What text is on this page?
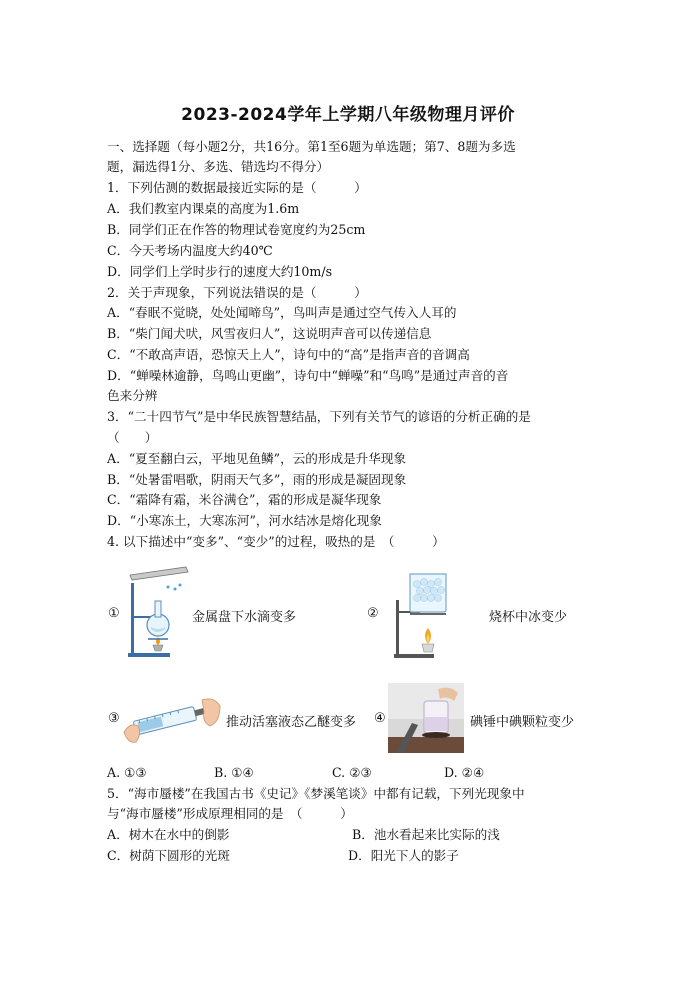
2023-2024学年上学期八年级物理月评价
一、选择题（每小题2分，共16分。第1至6题为单选题；第7、8题为多选
题，漏选得1分、多选、错选均不得分）
1．下列估测的数据最接近实际的是（　　　）
A．我们教室内课桌的高度为1.6m
B．同学们正在作答的物理试卷宽度约为25cm
C．今天考场内温度大约40℃
D．同学们上学时步行的速度大约10m/s
2．关于声现象，下列说法错误的是（　　　）
A．“春眠不觉晓，处处闻啼鸟”，鸟叫声是通过空气传入人耳的
B．“柴门闻犬吠，风雪夜归人”，这说明声音可以传递信息
C．“不敢高声语，恐惊天上人”，诗句中的“高”是指声音的音调高
D．“蝉噪林逾静，鸟鸣山更幽”，诗句中“蝉噪”和“鸟鸣”是通过声音的音
色来分辨
3．“二十四节气”是中华民族智慧结晶，下列有关节气的谚语的分析正确的是
（　　）
A．“夏至翻白云，平地见鱼鳞”，云的形成是升华现象
B．“处暑雷唱歌，阴雨天气多”，雨的形成是凝固现象
C．“霜降有霜，米谷满仓”，霜的形成是凝华现象
D．“小寒冻土，大寒冻河”，河水结冰是熔化现象
4. 以下描述中“变多”、“变少”的过程，吸热的是　（　　　）
①	金属盘下水滴变多	②	烧杯中冰变少
③	推动活塞液态乙醚变多 ④	碘锤中碘颗粒变少
A. ①③	B. ①④	C. ②③	D. ②④
5．“海市蜃楼”在我国古书《史记》《梦溪笔谈》中都有记载，下列光现象中
与“海市蜃楼”形成原理相同的是　（　　　）
A．树木在水中的倒影	B．池水看起来比实际的浅
C．树荫下圆形的光斑	D．阳光下人的影子
